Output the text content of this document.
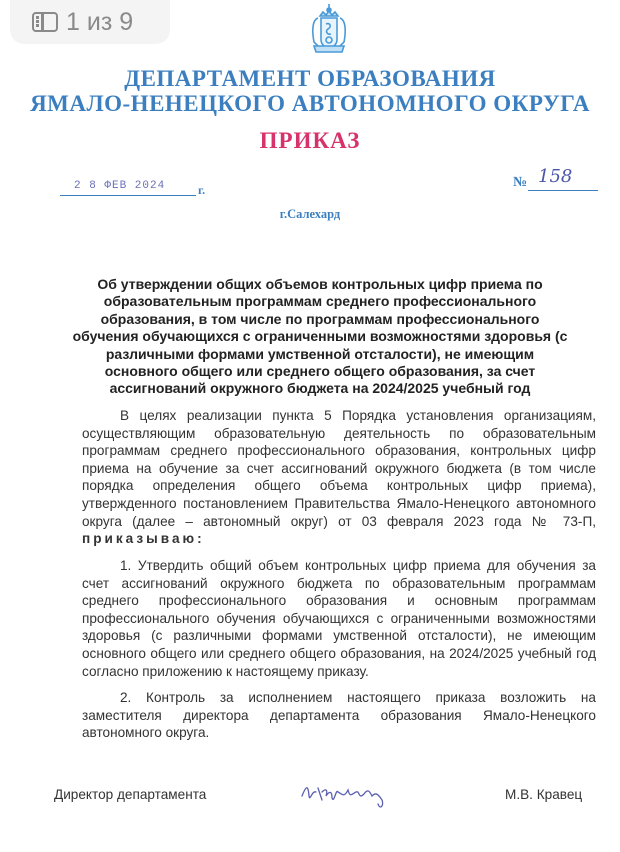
1 из 9
ДЕПАРТАМЕНТ ОБРАЗОВАНИЯ
ЯМАЛО-НЕНЕЦКОГО АВТОНОМНОГО ОКРУГА
ПРИКАЗ
2 8 ФЕВ 2024	г.	№ 158
г.Салехард
Об утверждении общих объемов контрольных цифр приема по образовательным программам среднего профессионального образования, в том числе по программам профессионального обучения обучающихся с ограниченными возможностями здоровья (с различными формами умственной отсталости), не имеющим основного общего или среднего общего образования, за счет ассигнований окружного бюджета на 2024/2025 учебный год
В целях реализации пункта 5 Порядка установления организациям, осуществляющим образовательную деятельность по образовательным программам среднего профессионального образования, контрольных цифр приема на обучение за счет ассигнований окружного бюджета (в том числе порядка определения общего объема контрольных цифр приема), утвержденного постановлением Правительства Ямало-Ненецкого автономного округа (далее – автономный округ) от 03 февраля 2023 года № 73-П, приказываю:
1. Утвердить общий объем контрольных цифр приема для обучения за счет ассигнований окружного бюджета по образовательным программам среднего профессионального образования и основным программам профессионального обучения обучающихся с ограниченными возможностями здоровья (с различными формами умственной отсталости), не имеющим основного общего или среднего общего образования, на 2024/2025 учебный год согласно приложению к настоящему приказу.
2. Контроль за исполнением настоящего приказа возложить на заместителя директора департамента образования Ямало-Ненецкого автономного округа.
Директор департамента	М.В. Кравец
